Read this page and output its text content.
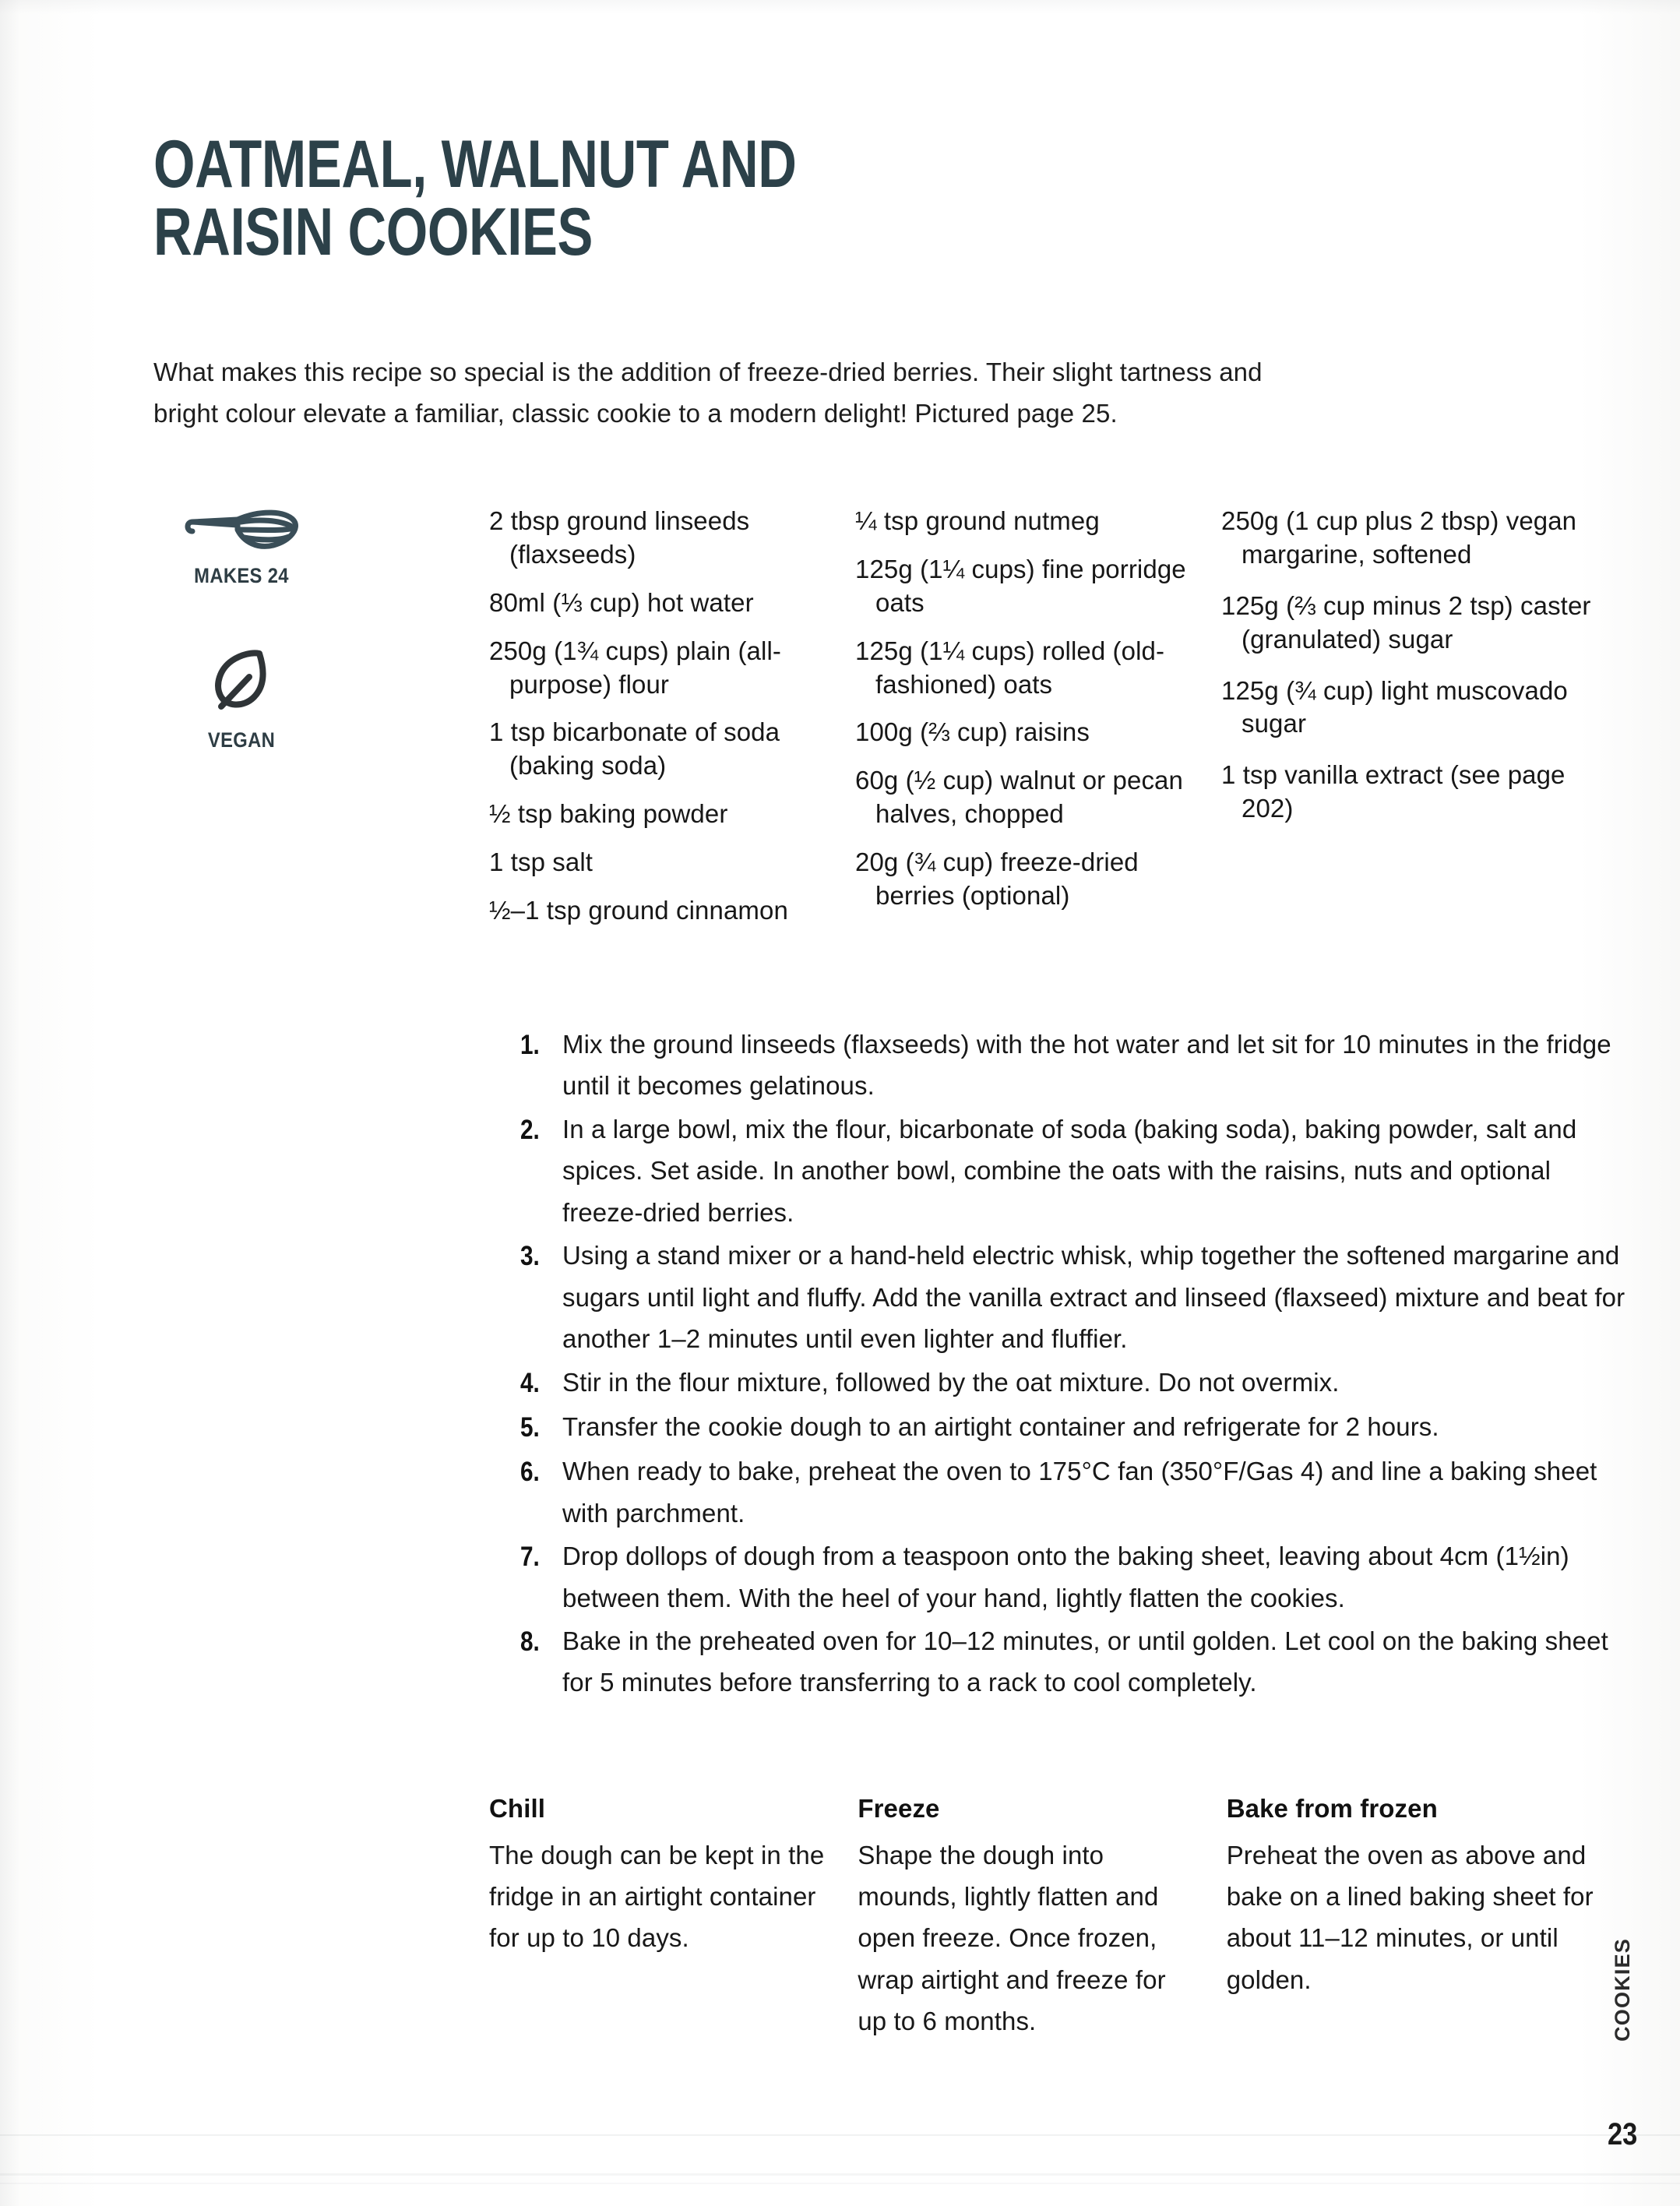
OATMEAL, WALNUT AND
RAISIN COOKIES

What makes this recipe so special is the addition of freeze-dried berries. Their slight tartness and bright colour elevate a familiar, classic cookie to a modern delight! Pictured page 25.

MAKES 24
VEGAN
2 tbsp ground linseeds (flaxseeds)
80ml (⅓ cup) hot water
250g (1¾ cups) plain (all-purpose) flour
1 tsp bicarbonate of soda (baking soda)
½ tsp baking powder
1 tsp salt
½–1 tsp ground cinnamon
¼ tsp ground nutmeg
125g (1¼ cups) fine porridge oats
125g (1¼ cups) rolled (old-fashioned) oats
100g (⅔ cup) raisins
60g (½ cup) walnut or pecan halves, chopped
20g (¾ cup) freeze-dried berries (optional)
250g (1 cup plus 2 tbsp) vegan margarine, softened
125g (⅔ cup minus 2 tsp) caster (granulated) sugar
125g (¾ cup) light muscovado sugar
1 tsp vanilla extract (see page 202)
1. Mix the ground linseeds (flaxseeds) with the hot water and let sit for 10 minutes in the fridge until it becomes gelatinous.
2. In a large bowl, mix the flour, bicarbonate of soda (baking soda), baking powder, salt and spices. Set aside. In another bowl, combine the oats with the raisins, nuts and optional freeze-dried berries.
3. Using a stand mixer or a hand-held electric whisk, whip together the softened margarine and sugars until light and fluffy. Add the vanilla extract and linseed (flaxseed) mixture and beat for another 1–2 minutes until even lighter and fluffier.
4. Stir in the flour mixture, followed by the oat mixture. Do not overmix.
5. Transfer the cookie dough to an airtight container and refrigerate for 2 hours.
6. When ready to bake, preheat the oven to 175°C fan (350°F/Gas 4) and line a baking sheet with parchment.
7. Drop dollops of dough from a teaspoon onto the baking sheet, leaving about 4cm (1½in) between them. With the heel of your hand, lightly flatten the cookies.
8. Bake in the preheated oven for 10–12 minutes, or until golden. Let cool on the baking sheet for 5 minutes before transferring to a rack to cool completely.
Chill
The dough can be kept in the fridge in an airtight container for up to 10 days.
Freeze
Shape the dough into mounds, lightly flatten and open freeze. Once frozen, wrap airtight and freeze for up to 6 months.
Bake from frozen
Preheat the oven as above and bake on a lined baking sheet for about 11–12 minutes, or until golden.	COOKIES
23
